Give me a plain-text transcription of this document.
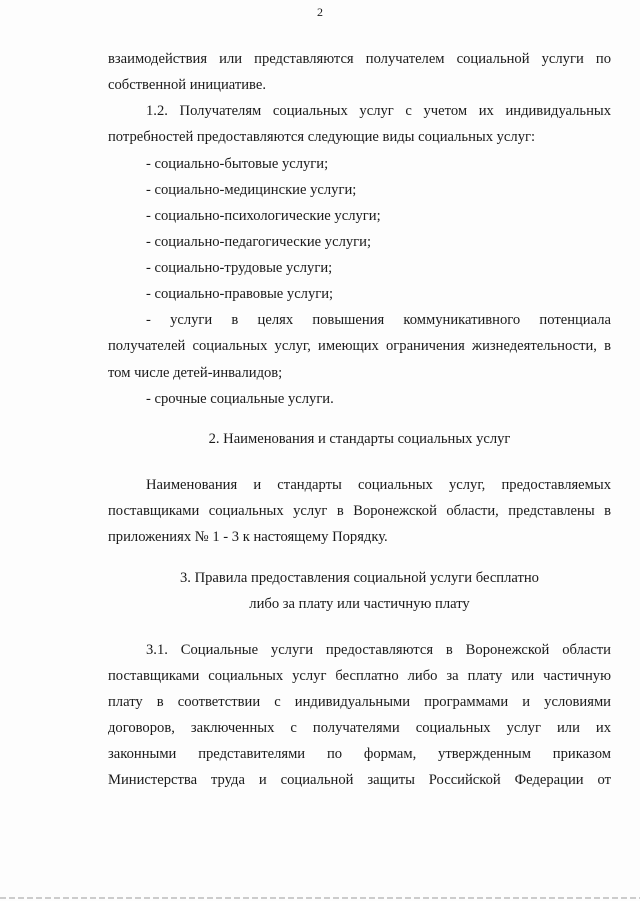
2
взаимодействия или представляются получателем социальной услуги по
собственной инициативе.
1.2. Получателям социальных услуг с учетом их индивидуальных
потребностей предоставляются следующие виды социальных услуг:
- социально-бытовые услуги;
- социально-медицинские услуги;
- социально-психологические услуги;
- социально-педагогические услуги;
- социально-трудовые услуги;
- социально-правовые услуги;
- услуги в целях повышения коммуникативного потенциала
получателей социальных услуг, имеющих ограничения жизнедеятельности, в
том числе детей-инвалидов;
- срочные социальные услуги.
2. Наименования и стандарты социальных услуг
Наименования и стандарты социальных услуг, предоставляемых
поставщиками социальных услуг в Воронежской области, представлены в
приложениях № 1 - 3 к настоящему Порядку.
3. Правила предоставления социальной услуги бесплатно
либо за плату или частичную плату
3.1. Социальные услуги предоставляются в Воронежской области
поставщиками социальных услуг бесплатно либо за плату или частичную
плату в соответствии с индивидуальными программами и условиями
договоров, заключенных с получателями социальных услуг или их
законными представителями по формам, утвержденным приказом
Министерства труда и социальной защиты Российской Федерации от
